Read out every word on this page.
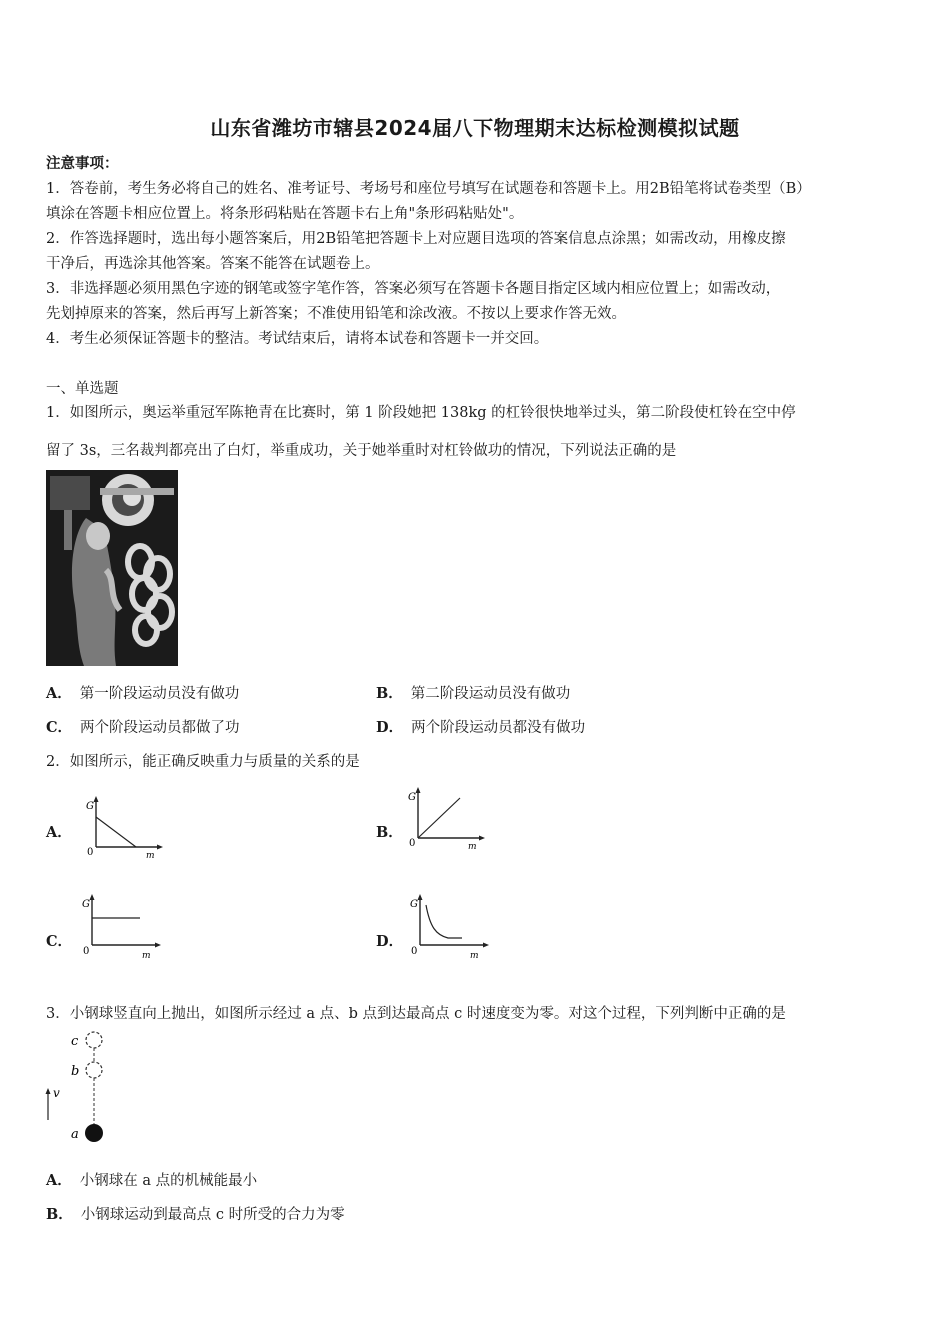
山东省潍坊市辖县2024届八下物理期末达标检测模拟试题
注意事项：
1．答卷前，考生务必将自己的姓名、准考证号、考场号和座位号填写在试题卷和答题卡上。用2B铅笔将试卷类型（B）
填涂在答题卡相应位置上。将条形码粘贴在答题卡右上角"条形码粘贴处"。
2．作答选择题时，选出每小题答案后，用2B铅笔把答题卡上对应题目选项的答案信息点涂黑；如需改动，用橡皮擦
干净后，再选涂其他答案。答案不能答在试题卷上。
3．非选择题必须用黑色字迹的钢笔或签字笔作答，答案必须写在答题卡各题目指定区域内相应位置上；如需改动，
先划掉原来的答案，然后再写上新答案；不准使用铅笔和涂改液。不按以上要求作答无效。
4．考生必须保证答题卡的整洁。考试结束后，请将本试卷和答题卡一并交回。
一、单选题
1．如图所示，奥运举重冠军陈艳青在比赛时，第 1 阶段她把 138kg 的杠铃很快地举过头，第二阶段使杠铃在空中停
留了 3s，三名裁判都亮出了白灯，举重成功，关于她举重时对杠铃做功的情况，下列说法正确的是
A． 第一阶段运动员没有做功	B． 第二阶段运动员没有做功
C． 两个阶段运动员都做了功	D． 两个阶段运动员都没有做功
2．如图所示，能正确反映重力与质量的关系的是
A．
G
0	m
B．
G
0	m
C．
G
0	m
D．
G
0	m
3．小钢球竖直向上抛出，如图所示经过 a 点、b 点到达最高点 c 时速度变为零。对这个过程，下列判断中正确的是
c
b
v
a
A． 小钢球在 a 点的机械能最小
B． 小钢球运动到最高点 c 时所受的合力为零
